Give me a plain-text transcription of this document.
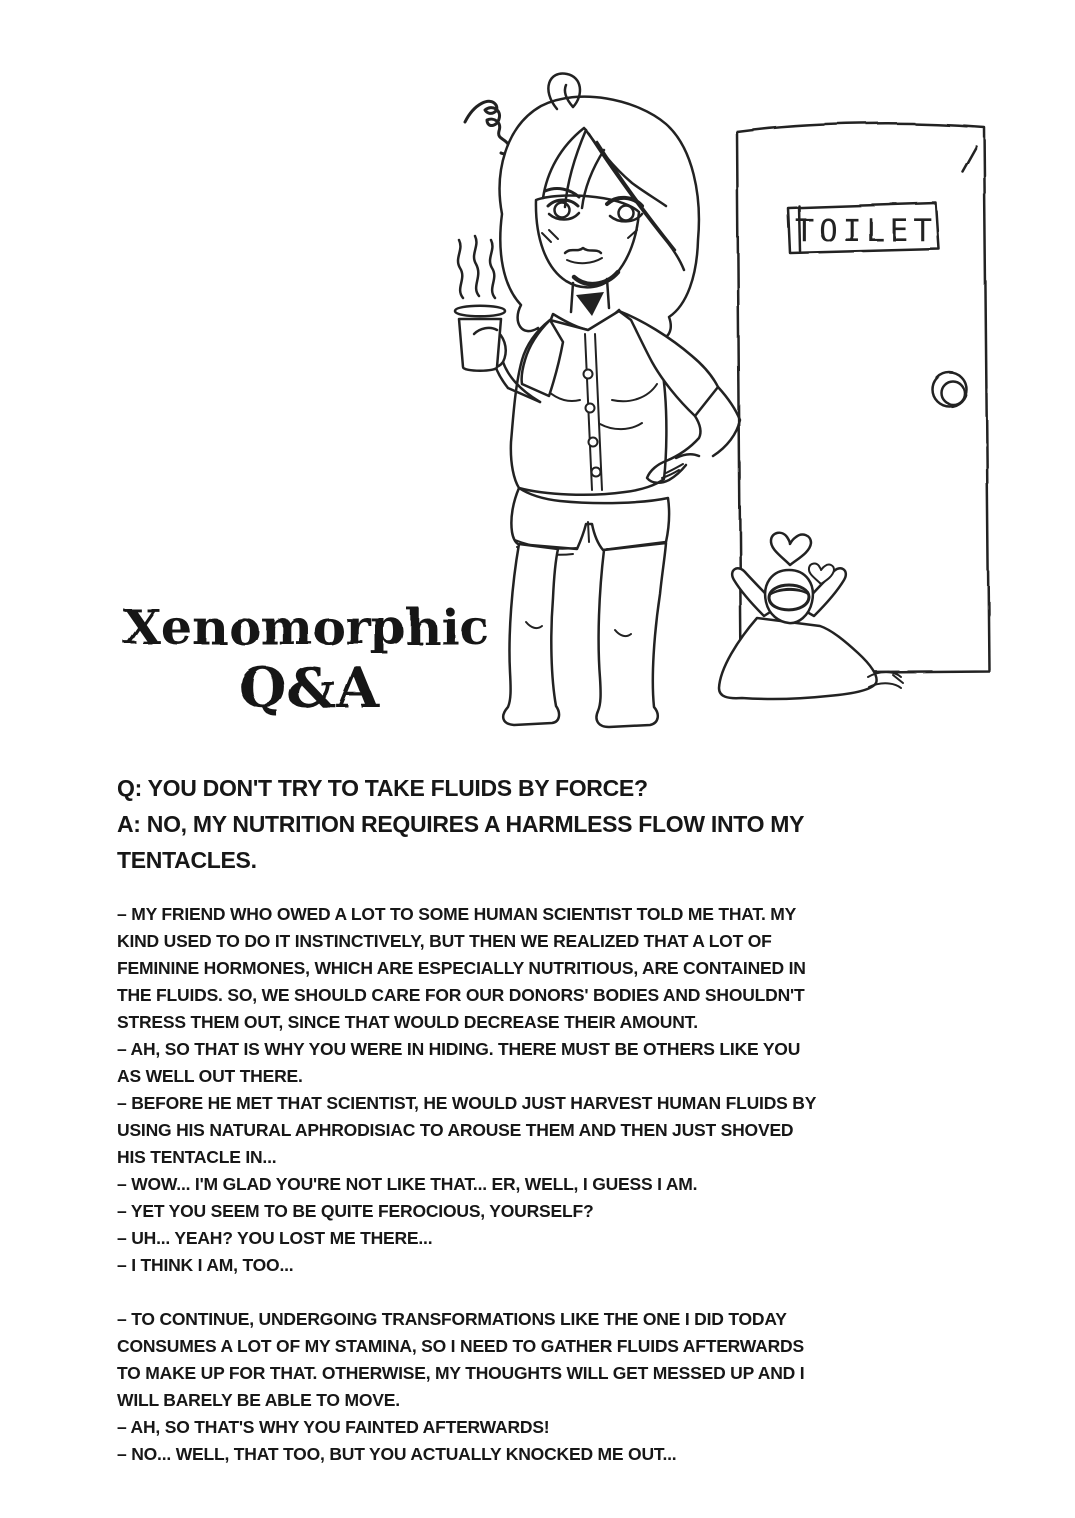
TOILET
Xenomorphic
Q&A

Q: YOU DON'T TRY TO TAKE FLUIDS BY FORCE?

A: NO, MY NUTRITION REQUIRES A HARMLESS FLOW INTO MY TENTACLES.

– MY FRIEND WHO OWED A LOT TO SOME HUMAN SCIENTIST TOLD ME THAT. MY KIND USED TO DO IT INSTINCTIVELY, BUT THEN WE REALIZED THAT A LOT OF FEMININE HORMONES, WHICH ARE ESPECIALLY NUTRITIOUS, ARE CONTAINED IN THE FLUIDS. SO, WE SHOULD CARE FOR OUR DONORS' BODIES AND SHOULDN'T STRESS THEM OUT, SINCE THAT WOULD DECREASE THEIR AMOUNT.

– AH, SO THAT IS WHY YOU WERE IN HIDING. THERE MUST BE OTHERS LIKE YOU AS WELL OUT THERE.

– BEFORE HE MET THAT SCIENTIST, HE WOULD JUST HARVEST HUMAN FLUIDS BY USING HIS NATURAL APHRODISIAC TO AROUSE THEM AND THEN JUST SHOVED HIS TENTACLE IN...

– WOW... I'M GLAD YOU'RE NOT LIKE THAT... ER, WELL, I GUESS I AM.

– YET YOU SEEM TO BE QUITE FEROCIOUS, YOURSELF?

– UH... YEAH? YOU LOST ME THERE...

– I THINK I AM, TOO...

– TO CONTINUE, UNDERGOING TRANSFORMATIONS LIKE THE ONE I DID TODAY CONSUMES A LOT OF MY STAMINA, SO I NEED TO GATHER FLUIDS AFTERWARDS TO MAKE UP FOR THAT. OTHERWISE, MY THOUGHTS WILL GET MESSED UP AND I WILL BARELY BE ABLE TO MOVE.

– AH, SO THAT'S WHY YOU FAINTED AFTERWARDS!

– NO... WELL, THAT TOO, BUT YOU ACTUALLY KNOCKED ME OUT...
